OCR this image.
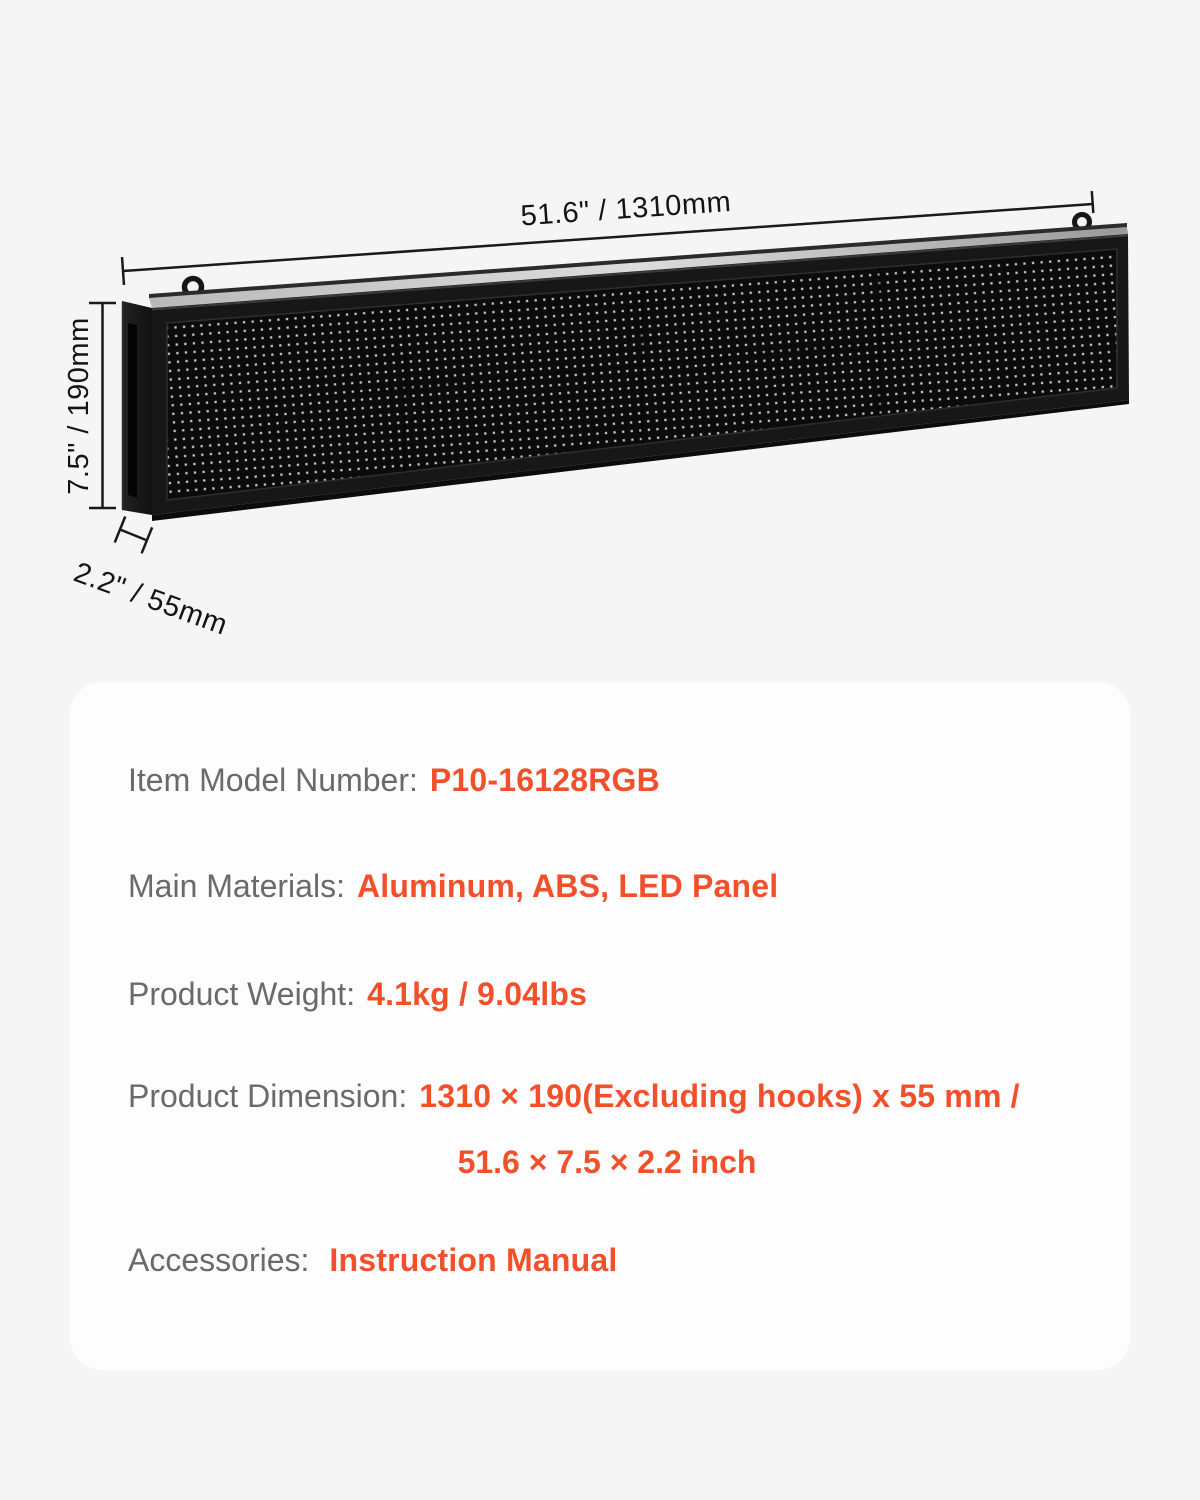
51.6" / 1310mm
7.5" / 190mm
2.2" / 55mm
Item Model Number: P10-16128RGB
Main Materials: Aluminum, ABS, LED Panel
Product Weight: 4.1kg / 9.04lbs
Product Dimension: 1310 × 190(Excluding hooks) x 55 mm /
51.6 × 7.5 × 2.2 inch
Accessories: Instruction Manual
